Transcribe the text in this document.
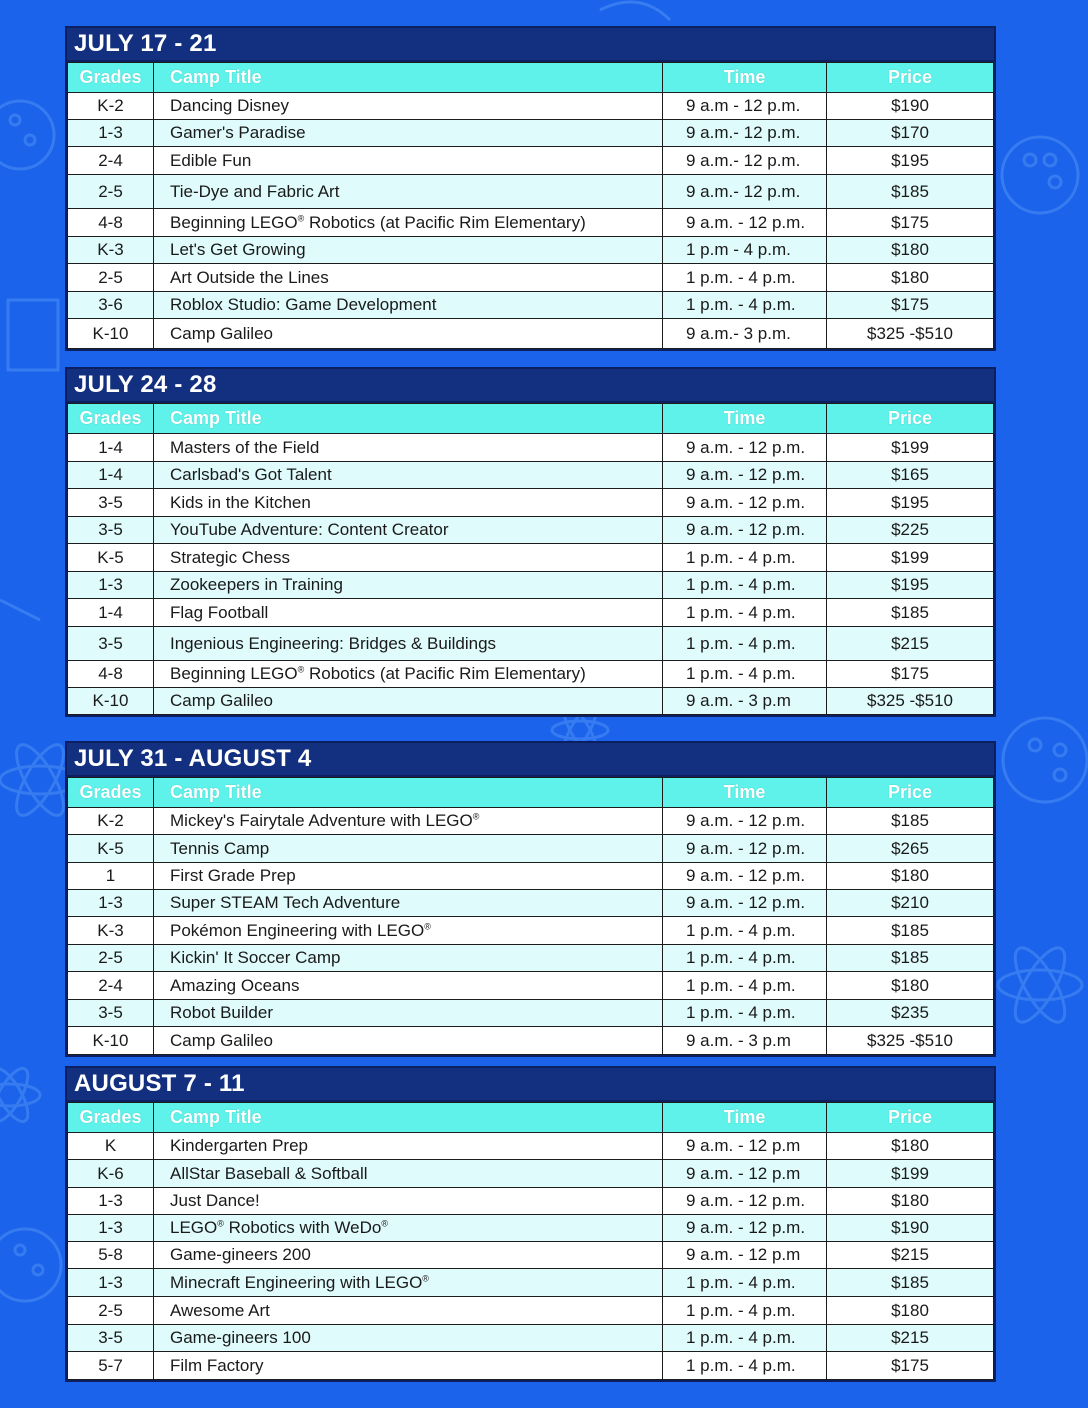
JULY 17 - 21
Grades	Camp Title	Time	Price
K-2	Dancing Disney	9 a.m - 12 p.m.	$190
1-3	Gamer's Paradise	9 a.m.- 12 p.m.	$170
2-4	Edible Fun	9 a.m.- 12 p.m.	$195
2-5	Tie-Dye and Fabric Art	9 a.m.- 12 p.m.	$185
4-8	Beginning LEGO® Robotics (at Pacific Rim Elementary)	9 a.m. - 12 p.m.	$175
K-3	Let's Get Growing	1 p.m - 4 p.m.	$180
2-5	Art Outside the Lines	1 p.m. - 4 p.m.	$180
3-6	Roblox Studio: Game Development	1 p.m. - 4 p.m.	$175
K-10	Camp Galileo	9 a.m.- 3 p.m.	$325 -$510
JULY 24 - 28
Grades	Camp Title	Time	Price
1-4	Masters of the Field	9 a.m. - 12 p.m.	$199
1-4	Carlsbad's Got Talent	9 a.m. - 12 p.m.	$165
3-5	Kids in the Kitchen	9 a.m. - 12 p.m.	$195
3-5	YouTube Adventure: Content Creator	9 a.m. - 12 p.m.	$225
K-5	Strategic Chess	1 p.m. - 4 p.m.	$199
1-3	Zookeepers in Training	1 p.m. - 4 p.m.	$195
1-4	Flag Football	1 p.m. - 4 p.m.	$185
3-5	Ingenious Engineering: Bridges & Buildings	1 p.m. - 4 p.m.	$215
4-8	Beginning LEGO® Robotics (at Pacific Rim Elementary)	1 p.m. - 4 p.m.	$175
K-10	Camp Galileo	9 a.m. - 3 p.m	$325 -$510
JULY 31 - AUGUST 4
Grades	Camp Title	Time	Price
K-2	Mickey's Fairytale Adventure with LEGO®	9 a.m. - 12 p.m.	$185
K-5	Tennis Camp	9 a.m. - 12 p.m.	$265
1	First Grade Prep	9 a.m. - 12 p.m.	$180
1-3	Super STEAM Tech Adventure	9 a.m. - 12 p.m.	$210
K-3	Pokémon Engineering with LEGO®	1 p.m. - 4 p.m.	$185
2-5	Kickin' It Soccer Camp	1 p.m. - 4 p.m.	$185
2-4	Amazing Oceans	1 p.m. - 4 p.m.	$180
3-5	Robot Builder	1 p.m. - 4 p.m.	$235
K-10	Camp Galileo	9 a.m. - 3 p.m	$325 -$510
AUGUST 7 - 11
Grades	Camp Title	Time	Price
K	Kindergarten Prep	9 a.m. - 12 p.m	$180
K-6	AllStar Baseball & Softball	9 a.m. - 12 p.m	$199
1-3	Just Dance!	9 a.m. - 12 p.m.	$180
1-3	LEGO® Robotics with WeDo®	9 a.m. - 12 p.m.	$190
5-8	Game-gineers 200	9 a.m. - 12 p.m	$215
1-3	Minecraft Engineering with LEGO®	1 p.m. - 4 p.m.	$185
2-5	Awesome Art	1 p.m. - 4 p.m.	$180
3-5	Game-gineers 100	1 p.m. - 4 p.m.	$215
5-7	Film Factory	1 p.m. - 4 p.m.	$175
